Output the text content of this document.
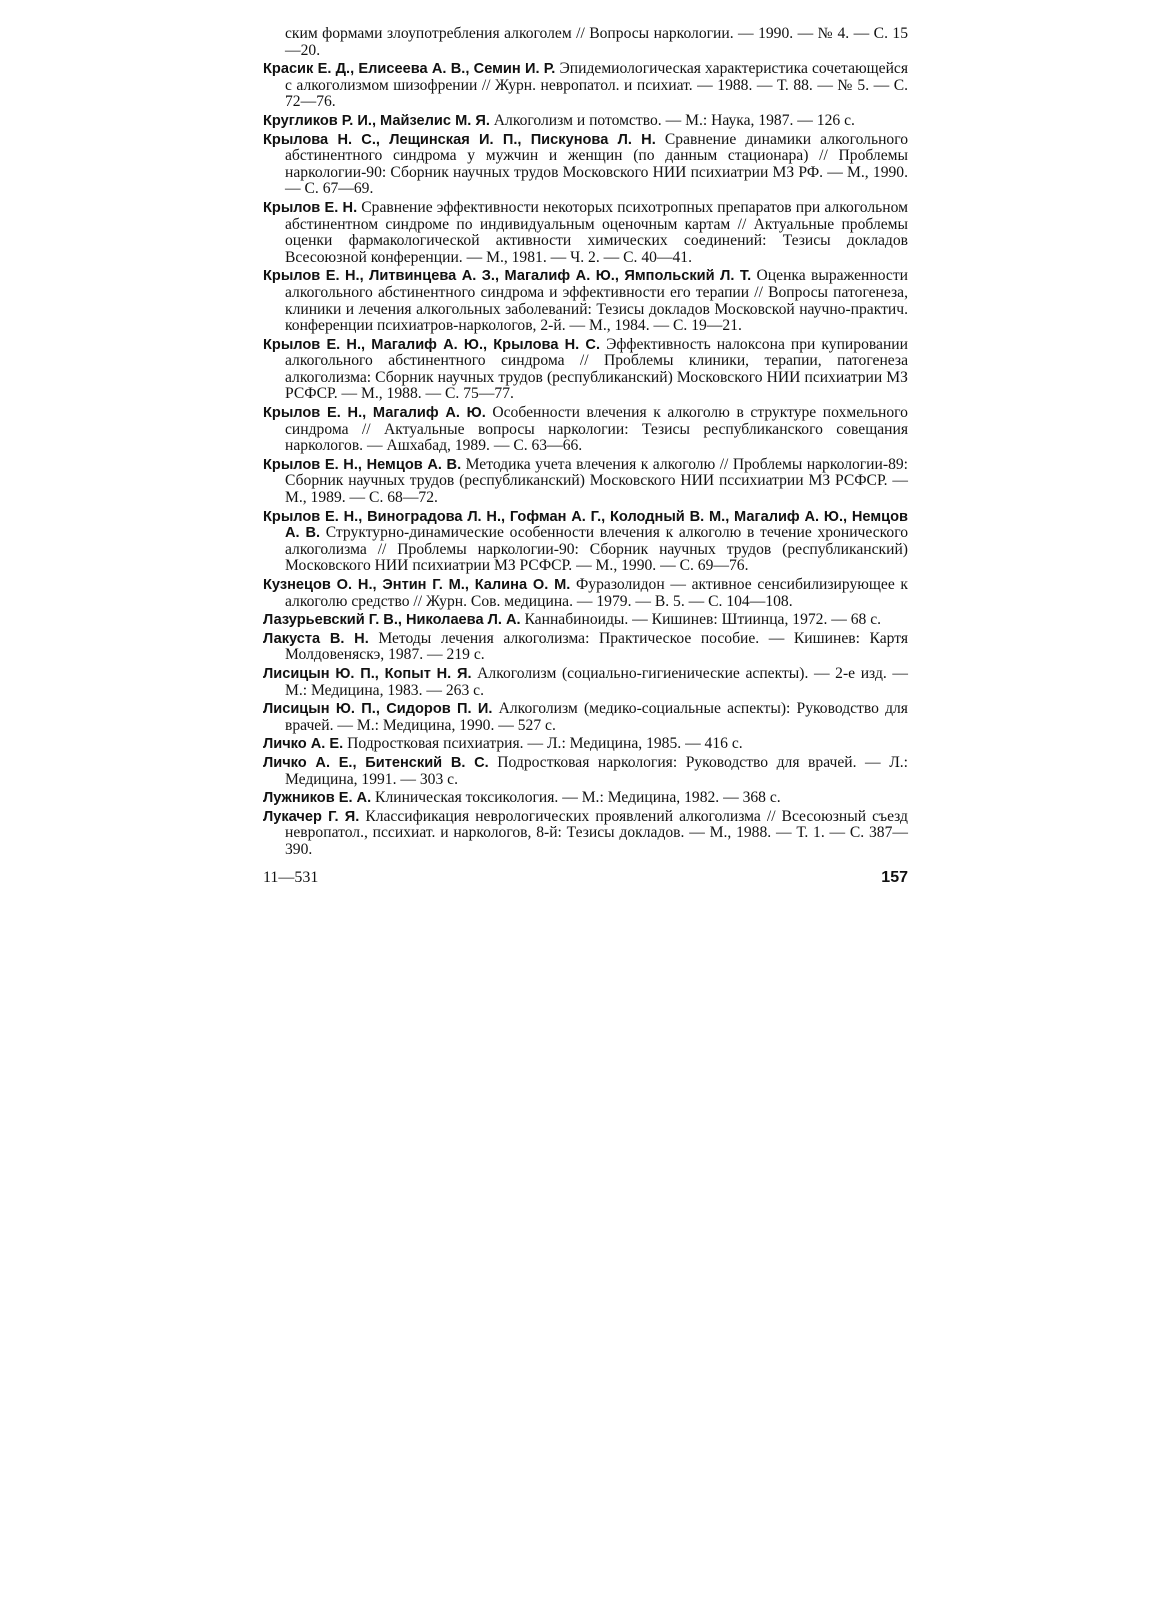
ским формами злоупотребления алкоголем // Вопросы наркологии. — 1990. — № 4. — С. 15—20.

Красик Е. Д., Елисеева А. В., Семин И. Р. Эпидемиологическая характеристика сочетающейся с алкоголизмом шизофрении // Журн. невропатол. и психиат. — 1988. — Т. 88. — № 5. — С. 72—76.

Кругликов Р. И., Майзелис М. Я. Алкоголизм и потомство. — М.: Наука, 1987. — 126 с.

Крылова Н. С., Лещинская И. П., Пискунова Л. Н. Сравнение динамики алкогольного абстинентного синдрома у мужчин и женщин (по данным стационара) // Проблемы наркологии-90: Сборник научных трудов Московского НИИ психиатрии МЗ РФ. — М., 1990. — С. 67—69.

Крылов Е. Н. Сравнение эффективности некоторых психотропных препаратов при алкогольном абстинентном синдроме по индивидуальным оценочным картам // Актуальные проблемы оценки фармакологической активности химических соединений: Тезисы докладов Всесоюзной конференции. — М., 1981. — Ч. 2. — С. 40—41.

Крылов Е. Н., Литвинцева А. З., Магалиф А. Ю., Ямпольский Л. Т. Оценка выраженности алкогольного абстинентного синдрома и эффективности его терапии // Вопросы патогенеза, клиники и лечения алкогольных заболеваний: Тезисы докладов Московской научно-практич. конференции психиатров-наркологов, 2-й. — М., 1984. — С. 19—21.

Крылов Е. Н., Магалиф А. Ю., Крылова Н. С. Эффективность налоксона при купировании алкогольного абстинентного синдрома // Проблемы клиники, терапии, патогенеза алкоголизма: Сборник научных трудов (республиканский) Московского НИИ психиатрии МЗ РСФСР. — М., 1988. — С. 75—77.

Крылов Е. Н., Магалиф А. Ю. Особенности влечения к алкоголю в структуре похмельного синдрома // Актуальные вопросы наркологии: Тезисы республиканского совещания наркологов. — Ашхабад, 1989. — С. 63—66.

Крылов Е. Н., Немцов А. В. Методика учета влечения к алкоголю // Проблемы наркологии-89: Сборник научных трудов (республиканский) Московского НИИ пссихиатрии МЗ РСФСР. — М., 1989. — С. 68—72.

Крылов Е. Н., Виноградова Л. Н., Гофман А. Г., Колодный В. М., Магалиф А. Ю., Немцов А. В. Структурно-динамические особенности влечения к алкоголю в течение хронического алкоголизма // Проблемы наркологии-90: Сборник научных трудов (республиканский) Московского НИИ психиатрии МЗ РСФСР. — М., 1990. — С. 69—76.

Кузнецов О. Н., Энтин Г. М., Калина О. М. Фуразолидон — активное сенсибилизирующее к алкоголю средство // Журн. Сов. медицина. — 1979. — В. 5. — С. 104—108.

Лазурьевский Г. В., Николаева Л. А. Каннабиноиды. — Кишинев: Штиинца, 1972. — 68 с.

Лакуста В. Н. Методы лечения алкоголизма: Практическое пособие. — Кишинев: Картя Молдовеняскэ, 1987. — 219 с.

Лисицын Ю. П., Копыт Н. Я. Алкоголизм (социально-гигиенические аспекты). — 2-е изд. — М.: Медицина, 1983. — 263 с.

Лисицын Ю. П., Сидоров П. И. Алкоголизм (медико-социальные аспекты): Руководство для врачей. — М.: Медицина, 1990. — 527 с.

Личко А. Е. Подростковая психиатрия. — Л.: Медицина, 1985. — 416 с.

Личко А. Е., Битенский В. С. Подростковая наркология: Руководство для врачей. — Л.: Медицина, 1991. — 303 с.

Лужников Е. А. Клиническая токсикология. — М.: Медицина, 1982. — 368 с.

Лукачер Г. Я. Классификация неврологических проявлений алкоголизма // Всесоюзный съезд невропатол., пссихиат. и наркологов, 8-й: Тезисы докладов. — М., 1988. — Т. 1. — С. 387—390.

11—531	157
